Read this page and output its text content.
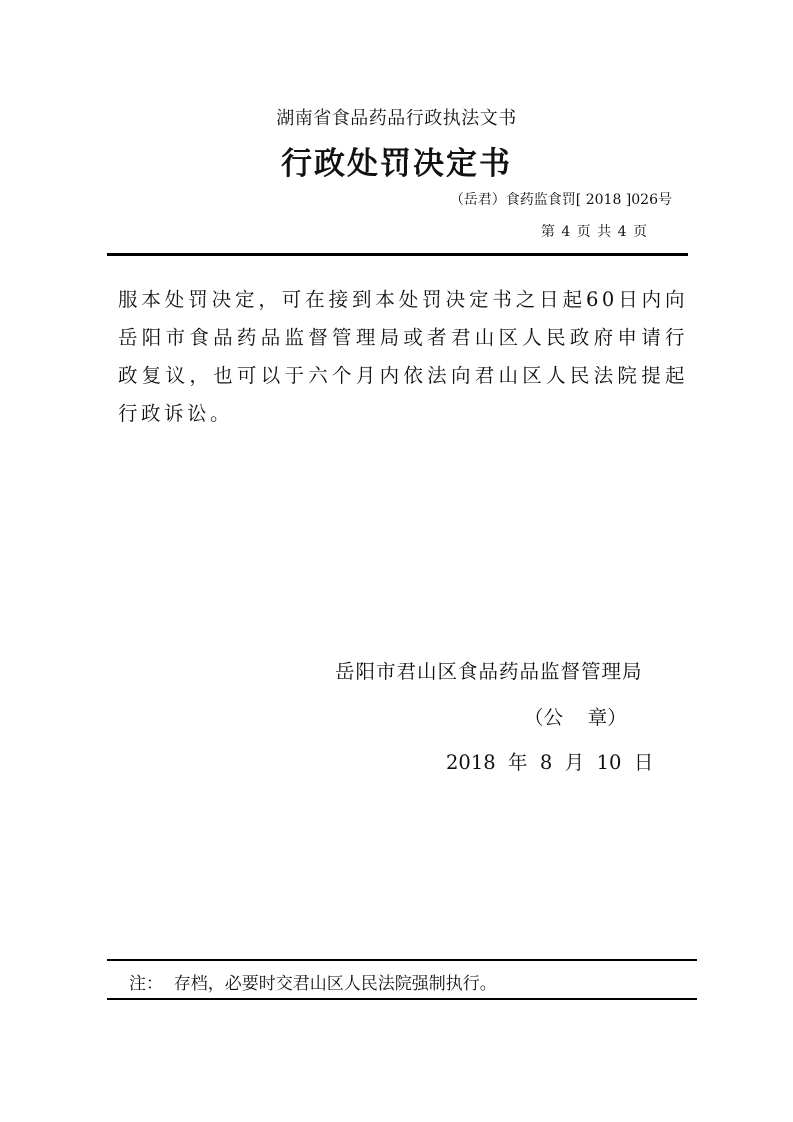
湖南省食品药品行政执法文书

行政处罚决定书

（岳君）食药监食罚[ 2018 ]026号

第 4 页 共 4 页

服本处罚决定，可在接到本处罚决定书之日起60日内向岳阳市食品药品监督管理局或者君山区人民政府申请行政复议，也可以于六个月内依法向君山区人民法院提起行政诉讼。

岳阳市君山区食品药品监督管理局

（公    章）

2018  年  8  月  10  日

注：  存档，必要时交君山区人民法院强制执行。
